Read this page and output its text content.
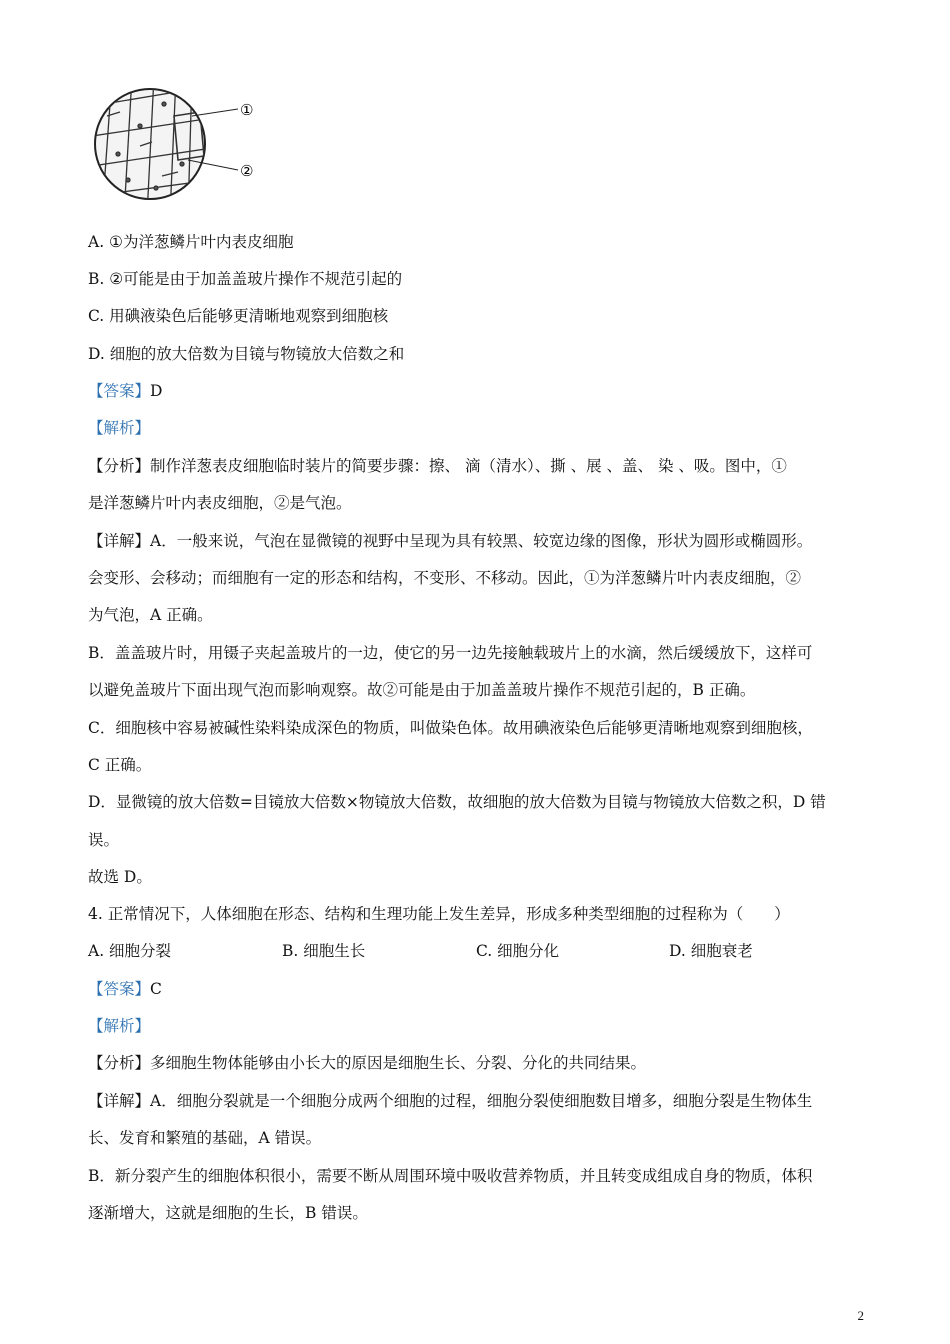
①
②
A. ①为洋葱鳞片叶内表皮细胞
B. ②可能是由于加盖盖玻片操作不规范引起的
C. 用碘液染色后能够更清晰地观察到细胞核
D. 细胞的放大倍数为目镜与物镜放大倍数之和
【答案】D
【解析】
【分析】制作洋葱表皮细胞临时装片的简要步骤：擦、 滴（清水）、撕 、展 、盖、 染 、吸。图中，①
是洋葱鳞片叶内表皮细胞，②是气泡。
【详解】A．一般来说，气泡在显微镜的视野中呈现为具有较黑、较宽边缘的图像，形状为圆形或椭圆形。
会变形、会移动；而细胞有一定的形态和结构，不变形、不移动。因此，①为洋葱鳞片叶内表皮细胞，②
为气泡，A 正确。
B．盖盖玻片时，用镊子夹起盖玻片的一边，使它的另一边先接触载玻片上的水滴，然后缓缓放下，这样可
以避免盖玻片下面出现气泡而影响观察。故②可能是由于加盖盖玻片操作不规范引起的，B 正确。
C．细胞核中容易被碱性染料染成深色的物质，叫做染色体。故用碘液染色后能够更清晰地观察到细胞核，
C 正确。
D．显微镜的放大倍数=目镜放大倍数×物镜放大倍数，故细胞的放大倍数为目镜与物镜放大倍数之积，D 错
误。
故选 D。
4. 正常情况下，人体细胞在形态、结构和生理功能上发生差异，形成多种类型细胞的过程称为（　　）
A. 细胞分裂	B. 细胞生长	C. 细胞分化	D. 细胞衰老
【答案】C
【解析】
【分析】多细胞生物体能够由小长大的原因是细胞生长、分裂、分化的共同结果。
【详解】A．细胞分裂就是一个细胞分成两个细胞的过程，细胞分裂使细胞数目增多，细胞分裂是生物体生
长、发育和繁殖的基础，A 错误。
B．新分裂产生的细胞体积很小，需要不断从周围环境中吸收营养物质，并且转变成组成自身的物质，体积
逐渐增大，这就是细胞的生长，B 错误。
2
